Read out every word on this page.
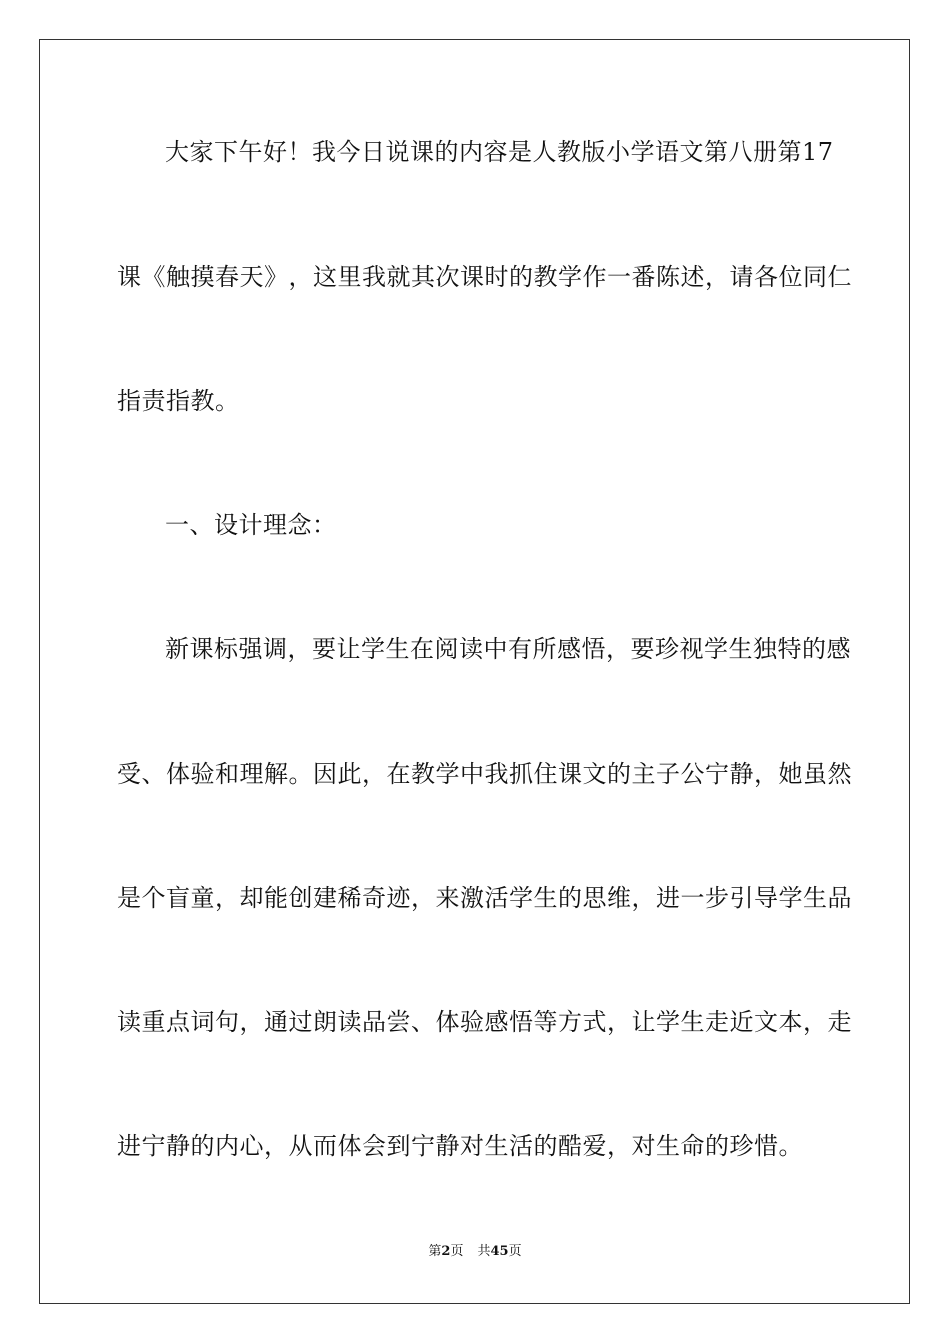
大 家 下 午 好 ！ 我 今 日 说 课 的 内 容 是 人 教 版 小 学 语 文 第 八 册 第 17
课 《 触 摸 春 天 》 ， 这 里 我 就 其 次 课 时 的 教 学 作 一 番 陈 述 ， 请 各 位 同 仁
指责指教。
一、设计理念：
新 课 标 强 调 ， 要 让 学 生 在 阅 读 中 有 所 感 悟 ， 要 珍 视 学 生 独 特 的 感
受 、 体 验 和 理 解 。 因 此 ， 在 教 学 中 我 抓 住 课 文 的 主 子 公 宁 静 ， 她 虽 然
是 个 盲 童 ， 却 能 创 建 稀 奇 迹 ， 来 激 活 学 生 的 思 维 ， 进 一 步 引 导 学 生 品
读 重 点 词 句 ， 通 过 朗 读 品 尝 、 体 验 感 悟 等 方 式 ， 让 学 生 走 近 文 本 ， 走
进宁静的内心，从而体会到宁静对生活的酷爱，对生命的珍惜。
第2页 共45页
